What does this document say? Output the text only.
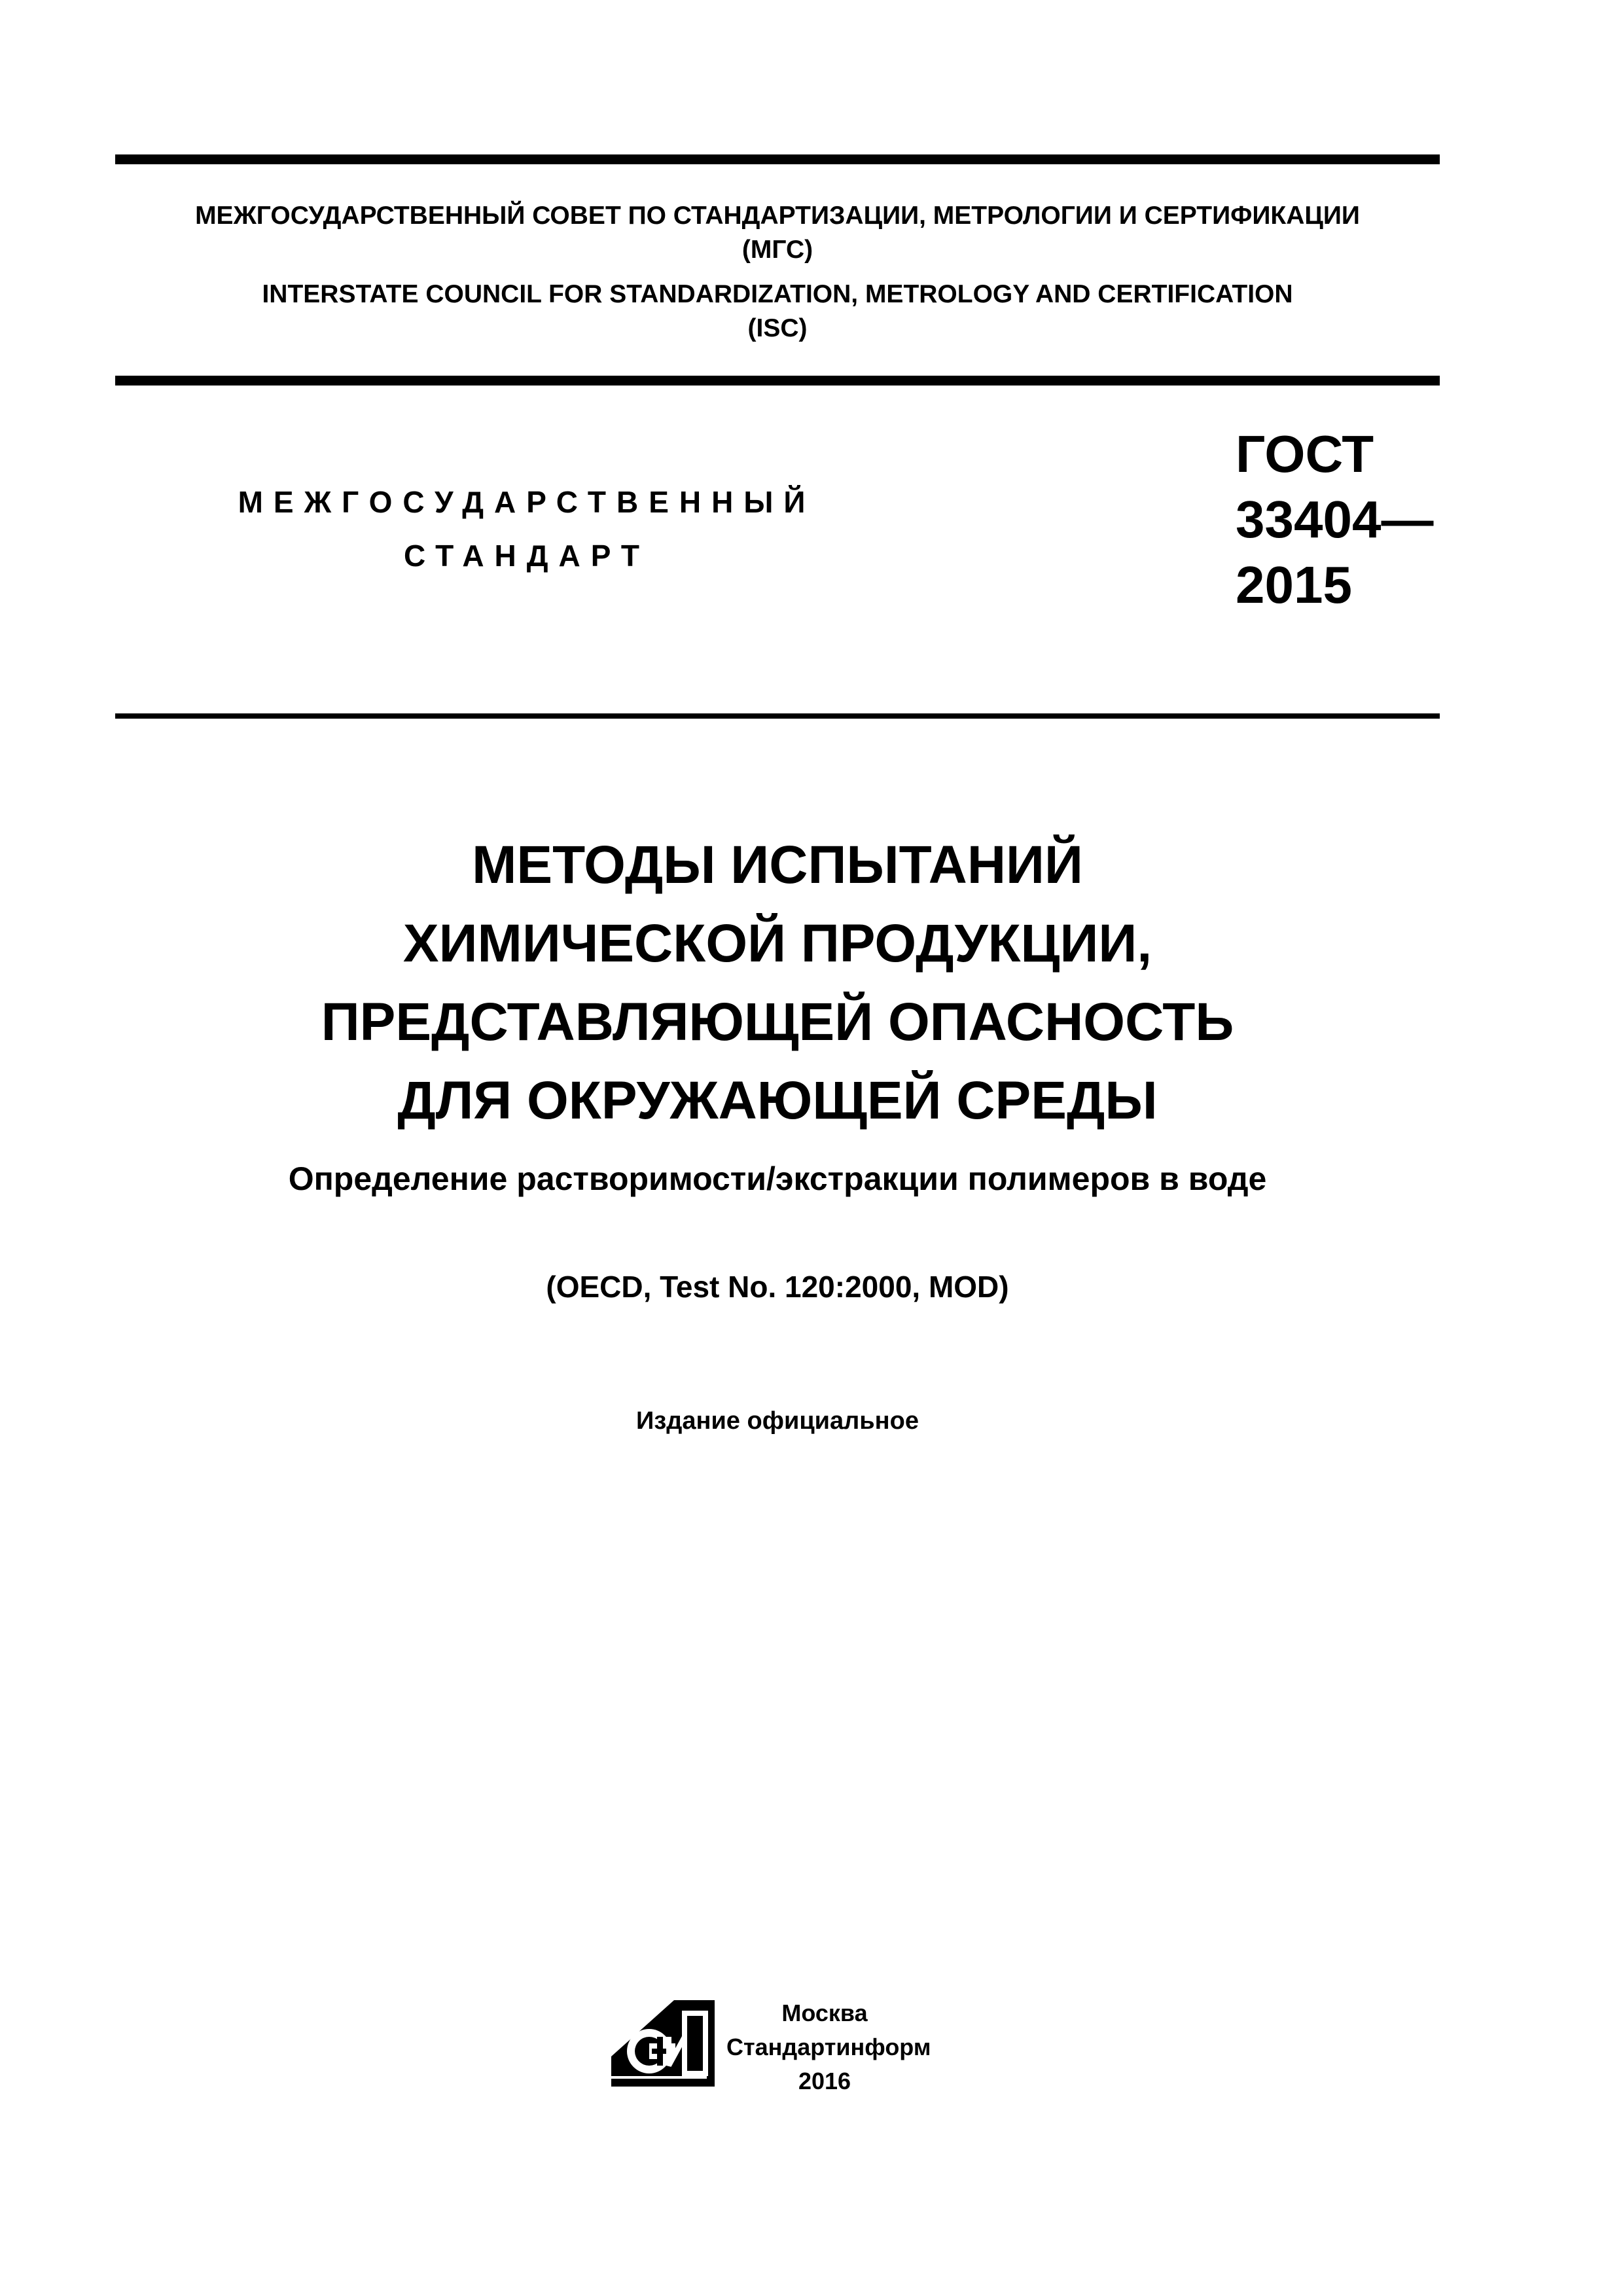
МЕЖГОСУДАРСТВЕННЫЙ СОВЕТ ПО СТАНДАРТИЗАЦИИ, МЕТРОЛОГИИ И СЕРТИФИКАЦИИ
(МГС)
INTERSTATE COUNCIL FOR STANDARDIZATION, METROLOGY AND CERTIFICATION
(ISC)
МЕЖГОСУДАРСТВЕННЫЙ
СТАНДАРТ
ГОСТ
33404—
2015
МЕТОДЫ ИСПЫТАНИЙ
ХИМИЧЕСКОЙ ПРОДУКЦИИ,
ПРЕДСТАВЛЯЮЩЕЙ ОПАСНОСТЬ
ДЛЯ ОКРУЖАЮЩЕЙ СРЕДЫ
Определение растворимости/экстракции полимеров в воде
(OECD, Test No. 120:2000, MOD)
Издание официальное
Москва
Стандартинформ
2016
